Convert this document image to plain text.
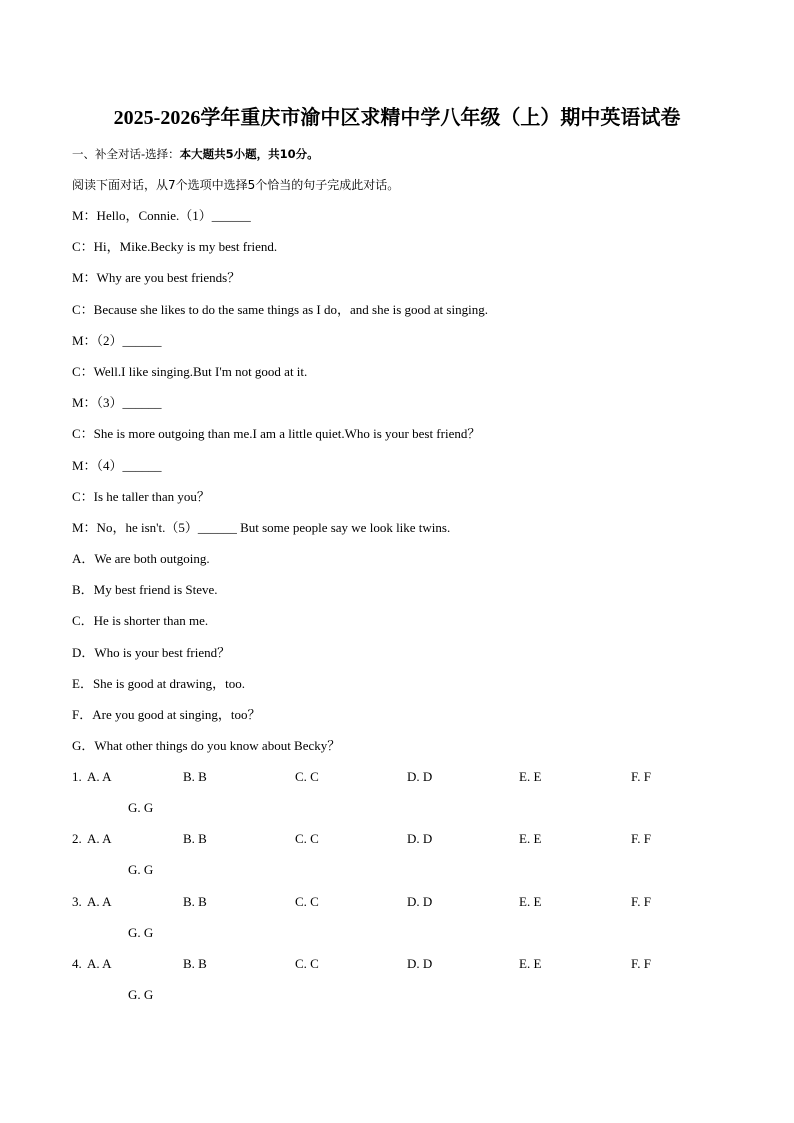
2025-2026学年重庆市渝中区求精中学八年级（上）期中英语试卷
一、补全对话-选择：本大题共5小题，共10分。
阅读下面对话，从7个选项中选择5个恰当的句子完成此对话。
M：Hello，Connie.（1）______
C：Hi，Mike.Becky is my best friend.
M：Why are you best friends？
C：Because she likes to do the same things as I do，and she is good at singing.
M：（2）______
C：Well.I like singing.But I'm not good at it.
M：（3）______
C：She is more outgoing than me.I am a little quiet.Who is your best friend？
M：（4）______
C：Is he taller than you？
M：No，he isn't.（5）______ But some people say we look like twins.
A．We are both outgoing.
B．My best friend is Steve.
C．He is shorter than me.
D．Who is your best friend？
E．She is good at drawing，too.
F．Are you good at singing，too？
G．What other things do you know about Becky？
1. A. A	B. B	C. C	D. D	E. E	F. F
G. G
2. A. A	B. B	C. C	D. D	E. E	F. F
G. G
3. A. A	B. B	C. C	D. D	E. E	F. F
G. G
4. A. A	B. B	C. C	D. D	E. E	F. F
G. G
